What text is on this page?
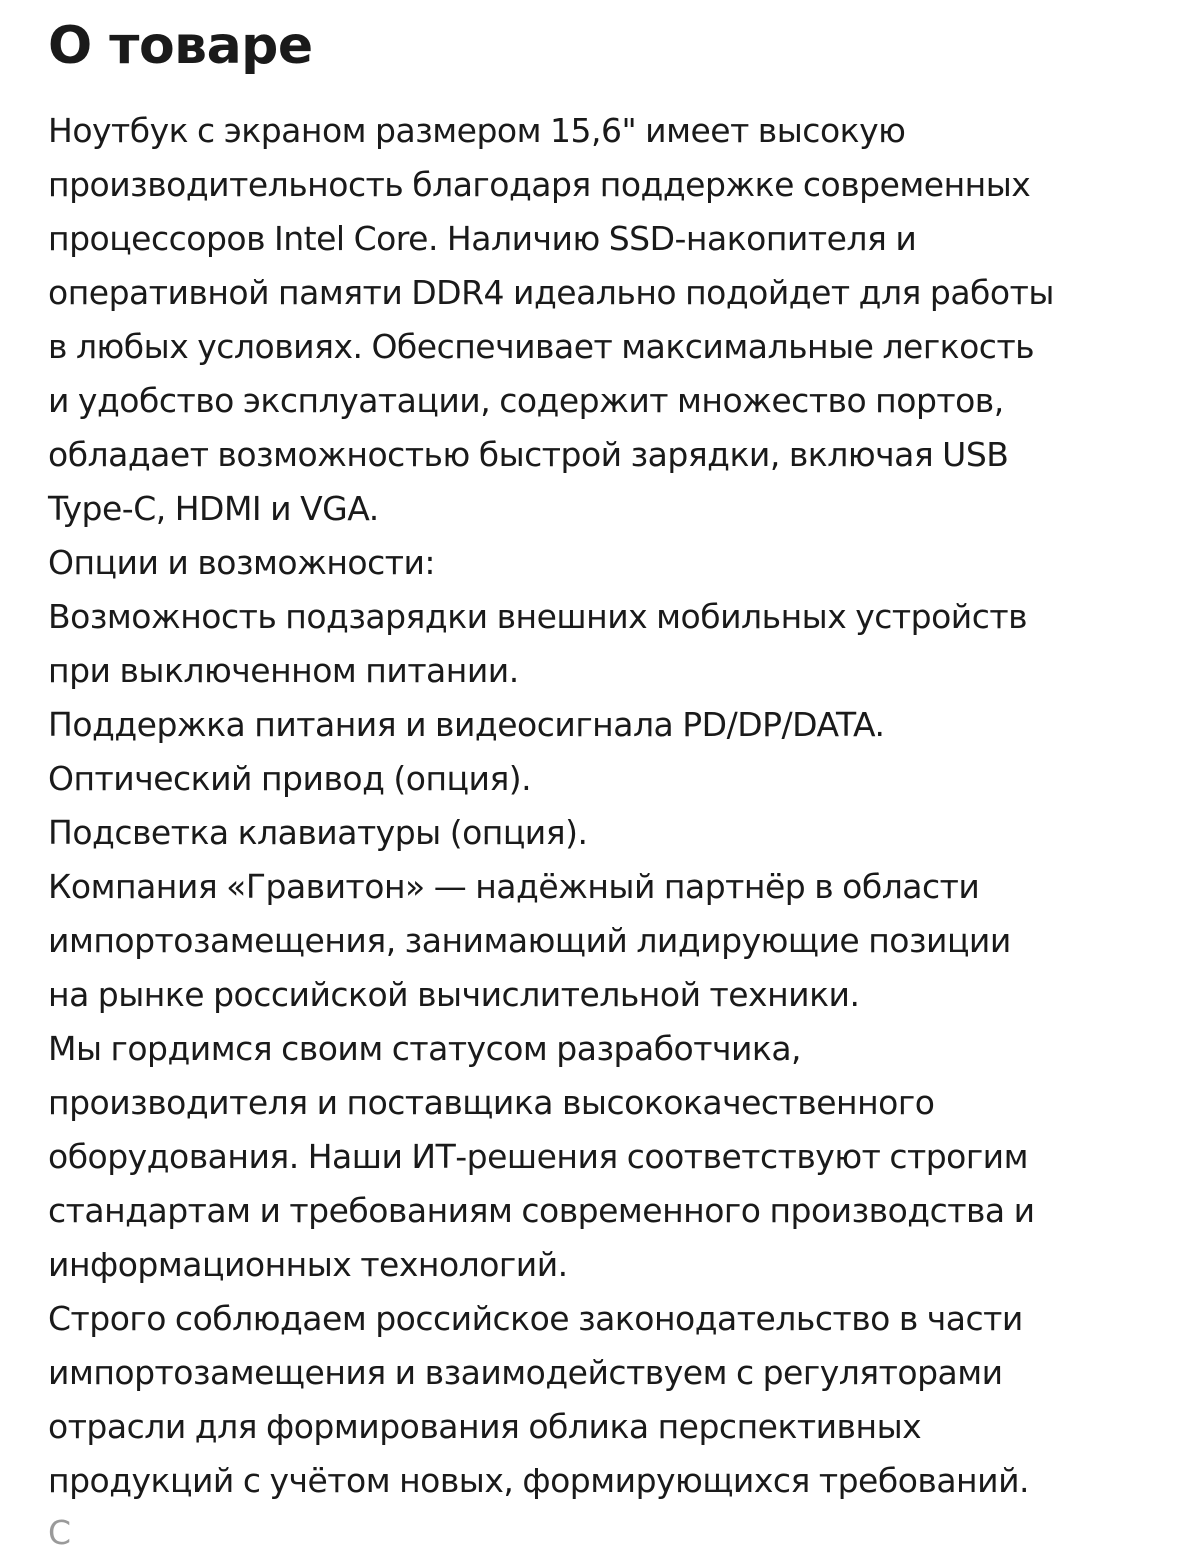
О товаре

Ноутбук с экраном размером 15,6" имеет высокую

производительность благодаря поддержке современных

процессоров Intel Core. Наличию SSD-накопителя и

оперативной памяти DDR4 идеально подойдет для работы

в любых условиях. Обеспечивает максимальные легкость

и удобство эксплуатации, содержит множество портов,

обладает возможностью быстрой зарядки, включая USB

Type-C, HDMI и VGA.

Опции и возможности:

Возможность подзарядки внешних мобильных устройств

при выключенном питании.

Поддержка питания и видеосигнала PD/DP/DATA.

Оптический привод (опция).

Подсветка клавиатуры (опция).

Компания «Гравитон» — надёжный партнёр в области

импортозамещения, занимающий лидирующие позиции

на рынке российской вычислительной техники.

Мы гордимся своим статусом разработчика,

производителя и поставщика высококачественного

оборудования. Наши ИТ-решения соответствуют строгим

стандартам и требованиям современного производства и

информационных технологий.

Строго соблюдаем российское законодательство в части

импортозамещения и взаимодействуем с регуляторами

отрасли для формирования облика перспективных

продукций с учётом новых, формирующихся требований.

С
